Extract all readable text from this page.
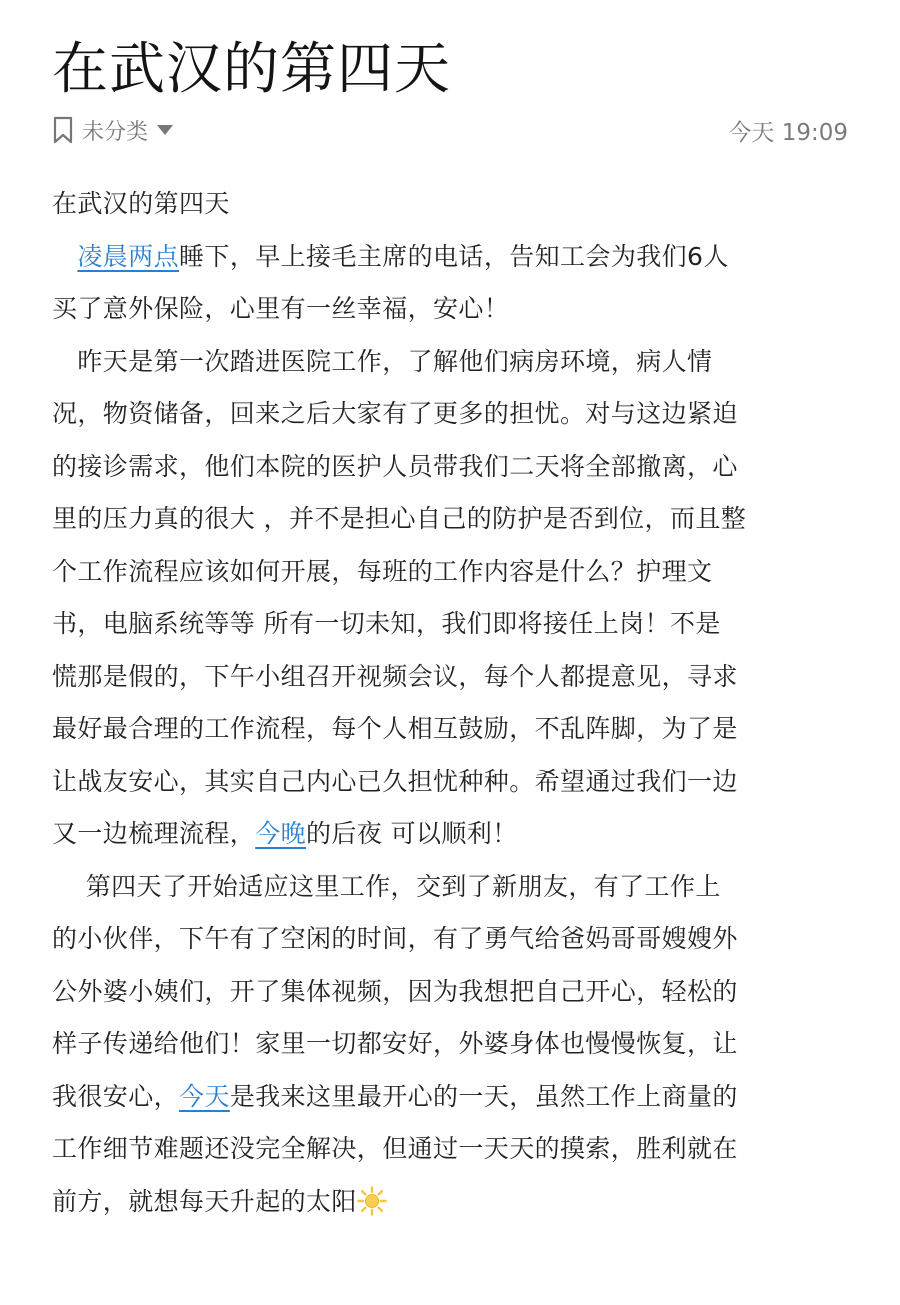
在武汉的第四天
未分类	今天 19:09

在武汉的第四天

　凌晨两点睡下，早上接毛主席的电话，告知工会为我们6人
买了意外保险，心里有一丝幸福，安心！

　昨天是第一次踏进医院工作，了解他们病房环境，病人情
况，物资储备，回来之后大家有了更多的担忧。对与这边紧迫
的接诊需求，他们本院的医护人员带我们二天将全部撤离，心
里的压力真的很大 ，并不是担心自己的防护是否到位，而且整
个工作流程应该如何开展，每班的工作内容是什么？护理文
书，电脑系统等等 所有一切未知，我们即将接任上岗！不是
慌那是假的，下午小组召开视频会议，每个人都提意见，寻求
最好最合理的工作流程，每个人相互鼓励，不乱阵脚，为了是
让战友安心，其实自己内心已久担忧种种。希望通过我们一边
又一边梳理流程，今晚的后夜 可以顺利！

　 第四天了开始适应这里工作，交到了新朋友，有了工作上
的小伙伴，下午有了空闲的时间，有了勇气给爸妈哥哥嫂嫂外
公外婆小姨们，开了集体视频，因为我想把自己开心，轻松的
样子传递给他们！家里一切都安好，外婆身体也慢慢恢复，让
我很安心，今天是我来这里最开心的一天，虽然工作上商量的
工作细节难题还没完全解决，但通过一天天的摸索，胜利就在
前方，就想每天升起的太阳
